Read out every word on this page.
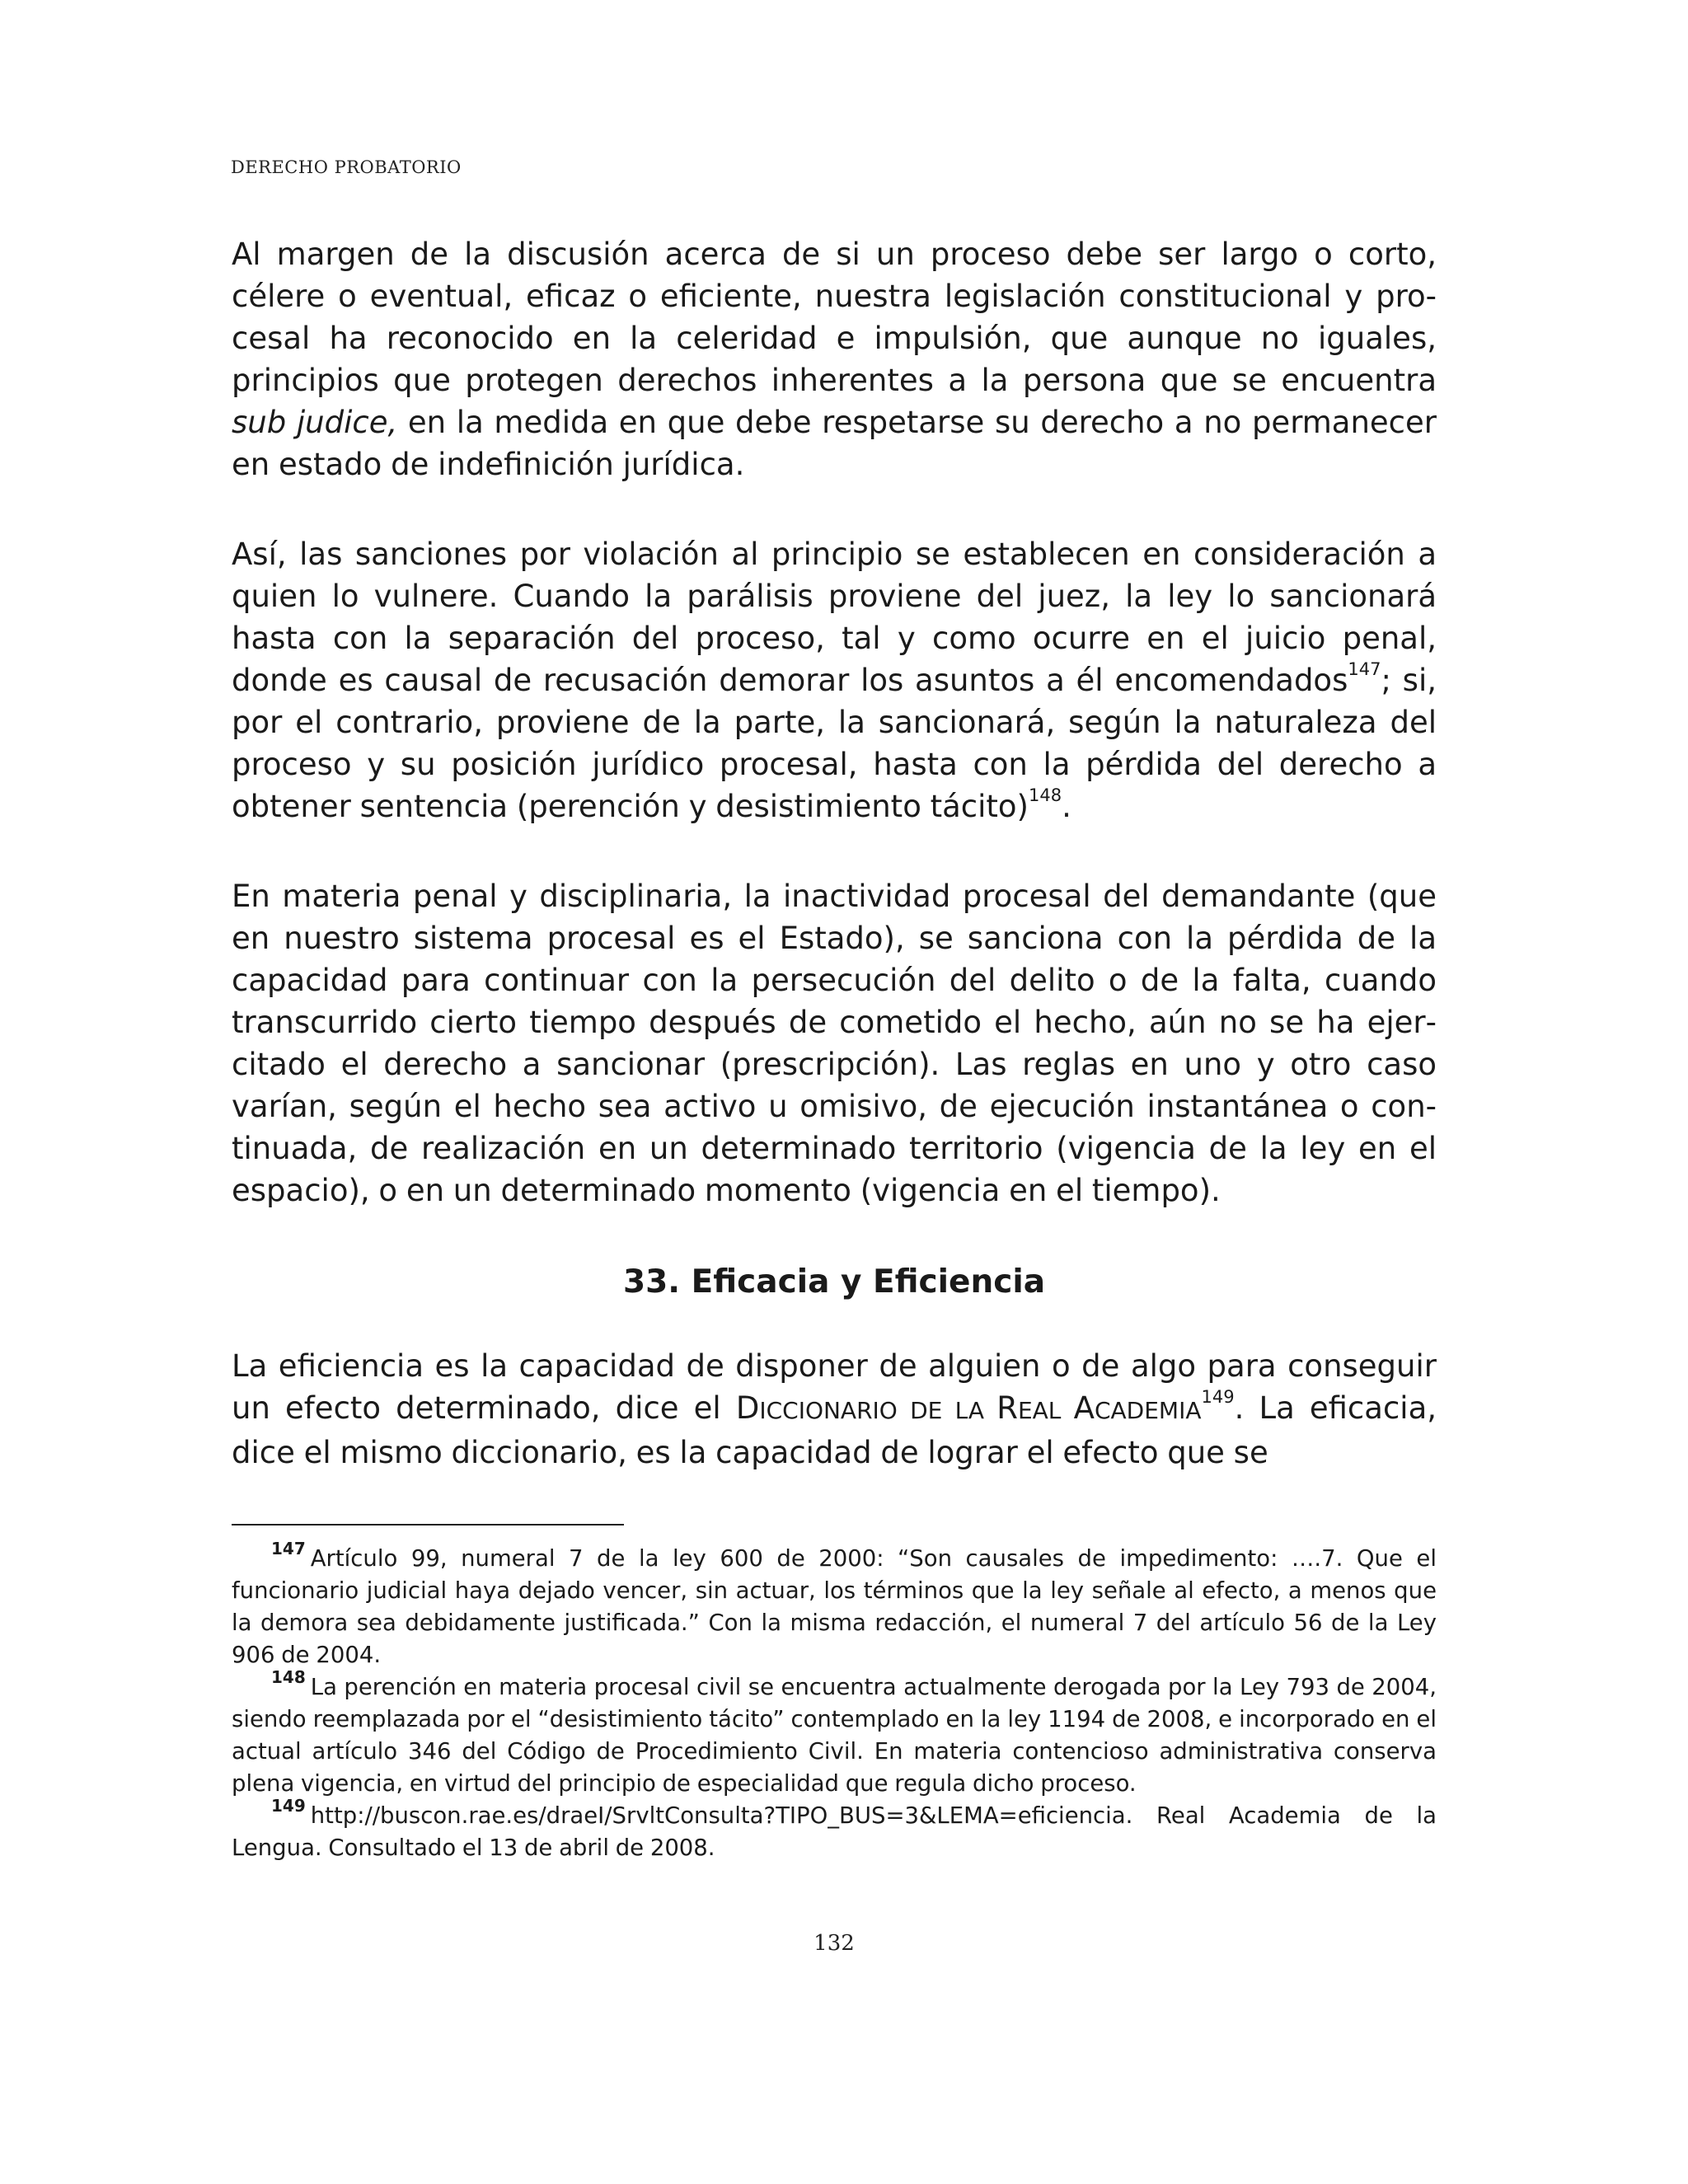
DERECHO PROBATORIO
Al margen de la discusión acerca de si un proceso debe ser largo o corto, célere o eventual, eficaz o eficiente, nuestra legislación constitucional y procesal ha reconocido en la celeridad e impulsión, que aunque no iguales, principios que protegen derechos inherentes a la persona que se encuentra sub judice, en la medida en que debe respetarse su derecho a no permanecer en estado de indefinición jurídica.
Así, las sanciones por violación al principio se establecen en consideración a quien lo vulnere. Cuando la parálisis proviene del juez, la ley lo sancionará hasta con la separación del proceso, tal y como ocurre en el juicio penal, donde es causal de recusación demorar los asuntos a él encomendados$^{147}$; si, por el contrario, proviene de la parte, la sancionará, según la naturaleza del proceso y su posición jurídico procesal, hasta con la pérdida del derecho a obtener sentencia (perención y desistimiento tácito)$^{148}$.
En materia penal y disciplinaria, la inactividad procesal del demandante (que en nuestro sistema procesal es el Estado), se sanciona con la pérdida de la capacidad para continuar con la persecución del delito o de la falta, cuando transcurrido cierto tiempo después de cometido el hecho, aún no se ha ejercitado el derecho a sancionar (prescripción). Las reglas en uno y otro caso varían, según el hecho sea activo u omisivo, de ejecución instantánea o continuada, de realización en un determinado territorio (vigencia de la ley en el espacio), o en un determinado momento (vigencia en el tiempo).
33. Eficacia y Eficiencia
La eficiencia es la capacidad de disponer de alguien o de algo para conseguir un efecto determinado, dice el DICCIONARIO DE LA REAL ACADEMIA$^{149}$. La eficacia, dice el mismo diccionario, es la capacidad de lograr el efecto que se

$^{147}$ Artículo 99, numeral 7 de la ley 600 de 2000: “Son causales de impedimento: ….7. Que el funcionario judicial haya dejado vencer, sin actuar, los términos que la ley señale al efecto, a menos que la demora sea debidamente justificada.” Con la misma redacción, el numeral 7 del artículo 56 de la Ley 906 de 2004.

$^{148}$ La perención en materia procesal civil se encuentra actualmente derogada por la Ley 793 de 2004, siendo reemplazada por el “desistimiento tácito” contemplado en la ley 1194 de 2008, e incorporado en el actual artículo 346 del Código de Procedimiento Civil. En materia contencioso administrativa conserva plena vigencia, en virtud del principio de especialidad que regula dicho proceso.

$^{149}$ http://buscon.rae.es/draeI/SrvltConsulta?TIPO_BUS=3&LEMA=eficiencia. Real Academia de la Lengua. Consultado el 13 de abril de 2008.

132
